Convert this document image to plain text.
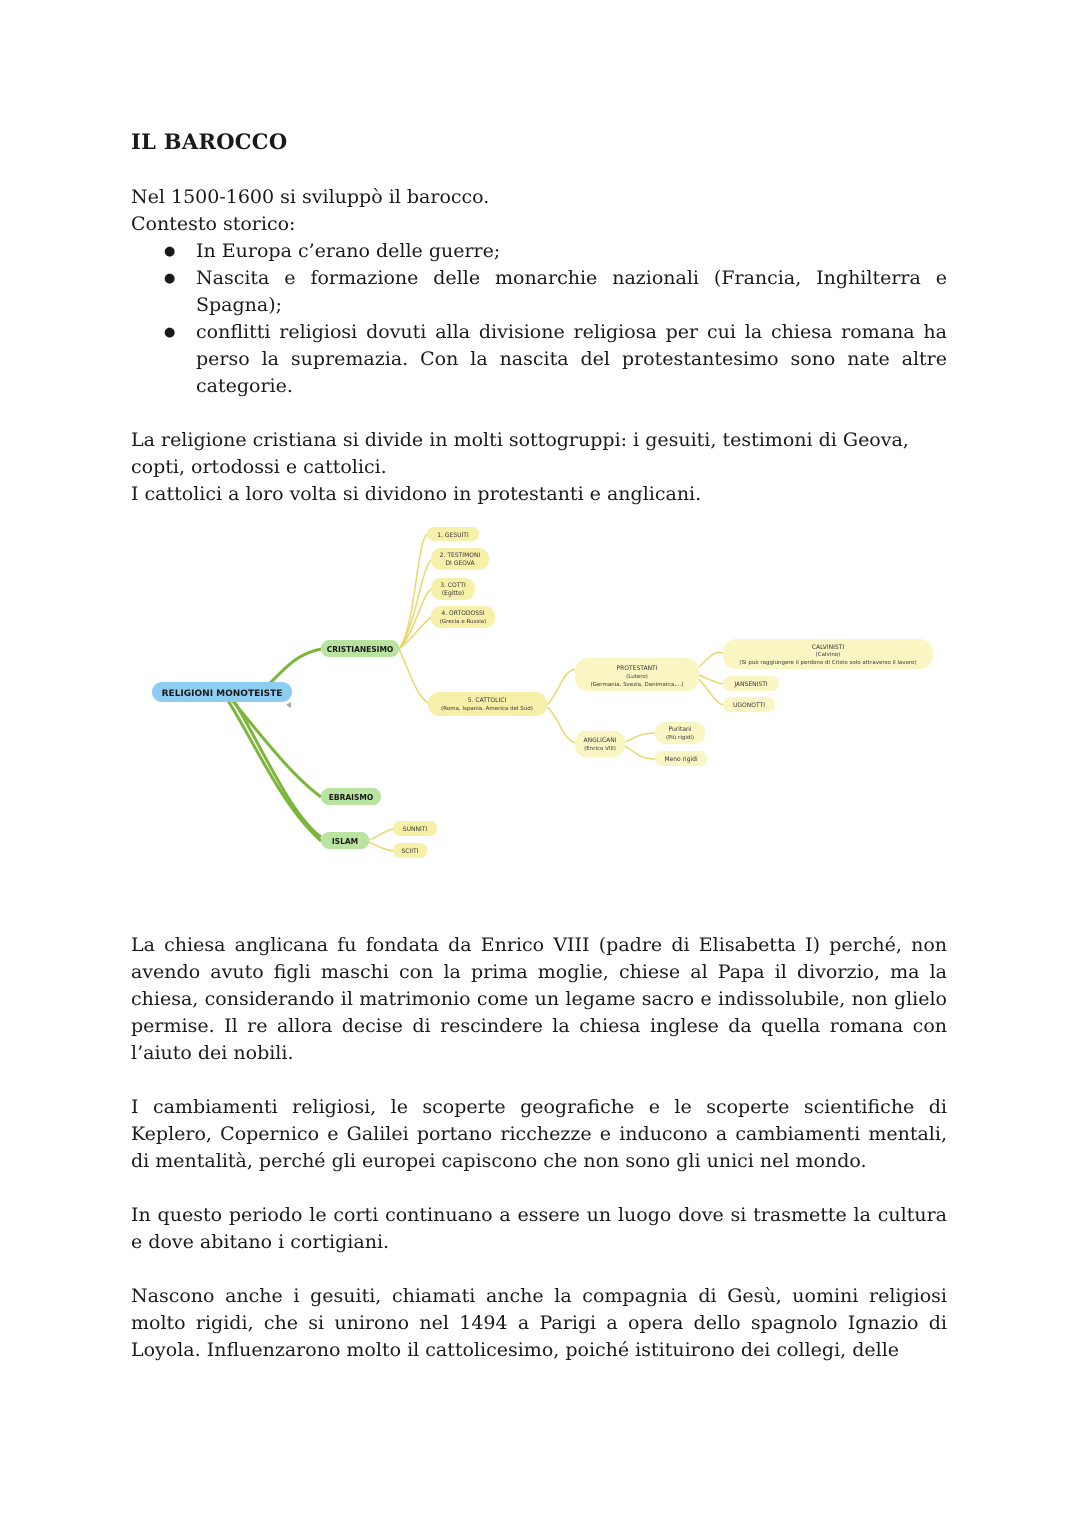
IL BAROCCO

Nel 1500-1600 si sviluppò il barocco.

Contesto storico:

● In Europa c’erano delle guerre;
● Nascita e formazione delle monarchie nazionali (Francia, Inghilterra e Spagna);
● conflitti religiosi dovuti alla divisione religiosa per cui la chiesa romana ha perso la supremazia. Con la nascita del protestantesimo sono nate altre categorie.

La religione cristiana si divide in molti sottogruppi: i gesuiti, testimoni di Geova, copti, ortodossi e cattolici.

I cattolici a loro volta si dividono in protestanti e anglicani.

RELIGIONI MONOTEISTE
CRISTIANESIMO
EBRAISMO
ISLAM
1. GESUITI
2. TESTIMONI
DI GEOVA
3. COTTI
(Egitto)
4. ORTODOSSI
(Grecia e Russia)
5. CATTOLICI
(Roma, Ispania, America del Sud)
PROTESTANTI
(Lutero)
(Germania, Svezia, Danimarca,...)
ANGLICANI
(Enrico VIII)
CALVINISTI
(Calvino)
(Si può raggiungere il perdono di Cristo solo attraverso il lavoro)
JANSENISTI
UGONOTTI
Puritani
(Più rigidi)
Meno rigidi
SUNNITI
SCIITI

La chiesa anglicana fu fondata da Enrico VIII (padre di Elisabetta I) perché, non avendo avuto figli maschi con la prima moglie, chiese al Papa il divorzio, ma la chiesa, considerando il matrimonio come un legame sacro e indissolubile, non glielo permise. Il re allora decise di rescindere la chiesa inglese da quella romana con l’aiuto dei nobili.

I cambiamenti religiosi, le scoperte geografiche e le scoperte scientifiche di Keplero, Copernico e Galilei portano ricchezze e inducono a cambiamenti mentali, di mentalità, perché gli europei capiscono che non sono gli unici nel mondo.

In questo periodo le corti continuano a essere un luogo dove si trasmette la cultura e dove abitano i cortigiani.

Nascono anche i gesuiti, chiamati anche la compagnia di Gesù, uomini religiosi molto rigidi, che si unirono nel 1494 a Parigi a opera dello spagnolo Ignazio di Loyola. Influenzarono molto il cattolicesimo, poiché istituirono dei collegi, delle
